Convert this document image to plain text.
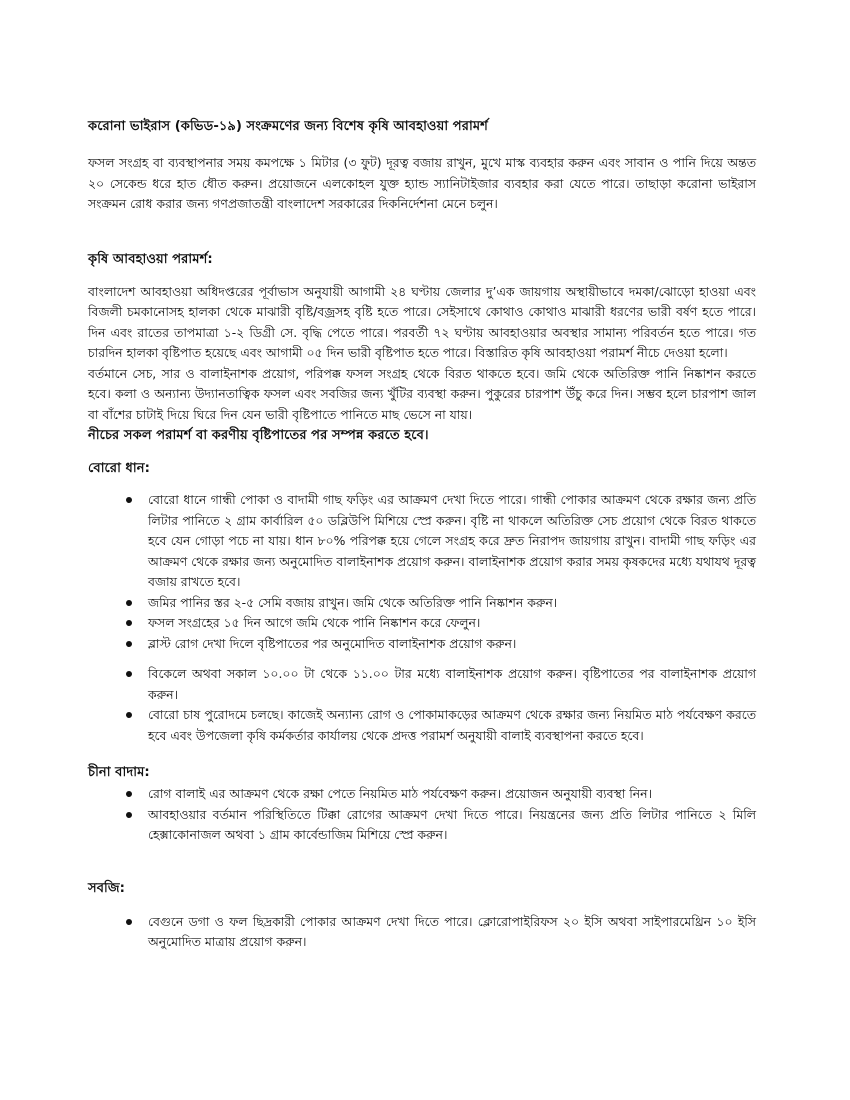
করোনা ভাইরাস (কভিড-১৯) সংক্রমণের জন্য বিশেষ কৃষি আবহাওয়া পরামর্শ

ফসল সংগ্রহ বা ব্যবস্থাপনার সময় কমপক্ষে ১ মিটার (৩ ফুট) দূরত্ব বজায় রাখুন, মুখে মাস্ক ব্যবহার করুন এবং সাবান ও পানি দিয়ে অন্তত ২০ সেকেন্ড ধরে হাত ধৌত করুন। প্রয়োজনে এলকোহল যুক্ত হ্যান্ড স্যানিটাইজার ব্যবহার করা যেতে পারে। তাছাড়া করোনা ভাইরাস সংক্রমন রোধ করার জন্য গণপ্রজাতন্ত্রী বাংলাদেশ সরকারের দিকনির্দেশনা মেনে চলুন।

কৃষি আবহাওয়া পরামর্শ:

বাংলাদেশ আবহাওয়া অধিদপ্তরের পূর্বাভাস অনুযায়ী আগামী ২৪ ঘণ্টায় জেলার দু’এক জায়গায় অস্থায়ীভাবে দমকা/ঝোড়ো হাওয়া এবং বিজলী চমকানোসহ হালকা থেকে মাঝারী বৃষ্টি/বজ্রসহ বৃষ্টি হতে পারে। সেইসাথে কোথাও কোথাও মাঝারী ধরণের ভারী বর্ষণ হতে পারে। দিন এবং রাতের তাপমাত্রা ১-২ ডিগ্রী সে. বৃদ্ধি পেতে পারে। পরবর্তী ৭২ ঘণ্টায় আবহাওয়ার অবস্থার সামান্য পরিবর্তন হতে পারে। গত চারদিন হালকা বৃষ্টিপাত হয়েছে এবং আগামী ০৫ দিন ভারী বৃষ্টিপাত হতে পারে। বিস্তারিত কৃষি আবহাওয়া পরামর্শ নীচে দেওয়া হলো।

বর্তমানে সেচ, সার ও বালাইনাশক প্রয়োগ, পরিপক্ক ফসল সংগ্রহ থেকে বিরত থাকতে হবে। জমি থেকে অতিরিক্ত পানি নিষ্কাশন করতে হবে। কলা ও অন্যান্য উদ্যানতাত্বিক ফসল এবং সবজির জন্য খুঁটির ব্যবস্থা করুন। পুকুরের চারপাশ উঁচু করে দিন। সম্ভব হলে চারপাশ জাল বা বাঁশের চাটাই দিয়ে ঘিরে দিন যেন ভারী বৃষ্টিপাতে পানিতে মাছ ভেসে না যায়।

নীচের সকল পরামর্শ বা করণীয় বৃষ্টিপাতের পর সম্পন্ন করতে হবে।

বোরো ধান:

বোরো ধানে গান্ধী পোকা ও বাদামী গাছ ফড়িং এর আক্রমণ দেখা দিতে পারে। গান্ধী পোকার আক্রমণ থেকে রক্ষার জন্য প্রতি লিটার পানিতে ২ গ্রাম কার্বারিল ৫০ ডব্লিউপি মিশিয়ে স্প্রে করুন। বৃষ্টি না থাকলে অতিরিক্ত সেচ প্রয়োগ থেকে বিরত থাকতে হবে যেন গোড়া পচে না যায়। ধান ৮০% পরিপক্ক হয়ে গেলে সংগ্রহ করে দ্রুত নিরাপদ জায়গায় রাখুন। বাদামী গাছ ফড়িং এর আক্রমণ থেকে রক্ষার জন্য অনুমোদিত বালাইনাশক প্রয়োগ করুন। বালাইনাশক প্রয়োগ করার সময় কৃষকদের মধ্যে যথাযথ দূরত্ব বজায় রাখতে হবে।
জমির পানির স্তর ২-৫ সেমি বজায় রাখুন। জমি থেকে অতিরিক্ত পানি নিষ্কাশন করুন।
ফসল সংগ্রহের ১৫ দিন আগে জমি থেকে পানি নিষ্কাশন করে ফেলুন।
ব্লাস্ট রোগ দেখা দিলে বৃষ্টিপাতের পর অনুমোদিত বালাইনাশক প্রয়োগ করুন।
বিকেলে অথবা সকাল ১০.০০ টা থেকে ১১.০০ টার মধ্যে বালাইনাশক প্রয়োগ করুন। বৃষ্টিপাতের পর বালাইনাশক প্রয়োগ করুন।
বোরো চাষ পুরোদমে চলছে। কাজেই অন্যান্য রোগ ও পোকামাকড়ের আক্রমণ থেকে রক্ষার জন্য নিয়মিত মাঠ পর্যবেক্ষণ করতে হবে এবং উপজেলা কৃষি কর্মকর্তার কার্যালয় থেকে প্রদত্ত পরামর্শ অনুযায়ী বালাই ব্যবস্থাপনা করতে হবে।

চীনা বাদাম:

রোগ বালাই এর আক্রমণ থেকে রক্ষা পেতে নিয়মিত মাঠ পর্যবেক্ষণ করুন। প্রয়োজন অনুযায়ী ব্যবস্থা নিন।
আবহাওয়ার বর্তমান পরিস্থিতিতে টিক্কা রোগের আক্রমণ দেখা দিতে পারে। নিয়ন্ত্রনের জন্য প্রতি লিটার পানিতে ২ মিলি হেক্সাকোনাজল অথবা ১ গ্রাম কার্বেন্ডাজিম মিশিয়ে স্প্রে করুন।

সবজি:

বেগুনে ডগা ও ফল ছিদ্রকারী পোকার আক্রমণ দেখা দিতে পারে। ক্লোরোপাইরিফস ২০ ইসি অথবা সাইপারমেথ্রিন ১০ ইসি অনুমোদিত মাত্রায় প্রয়োগ করুন।
